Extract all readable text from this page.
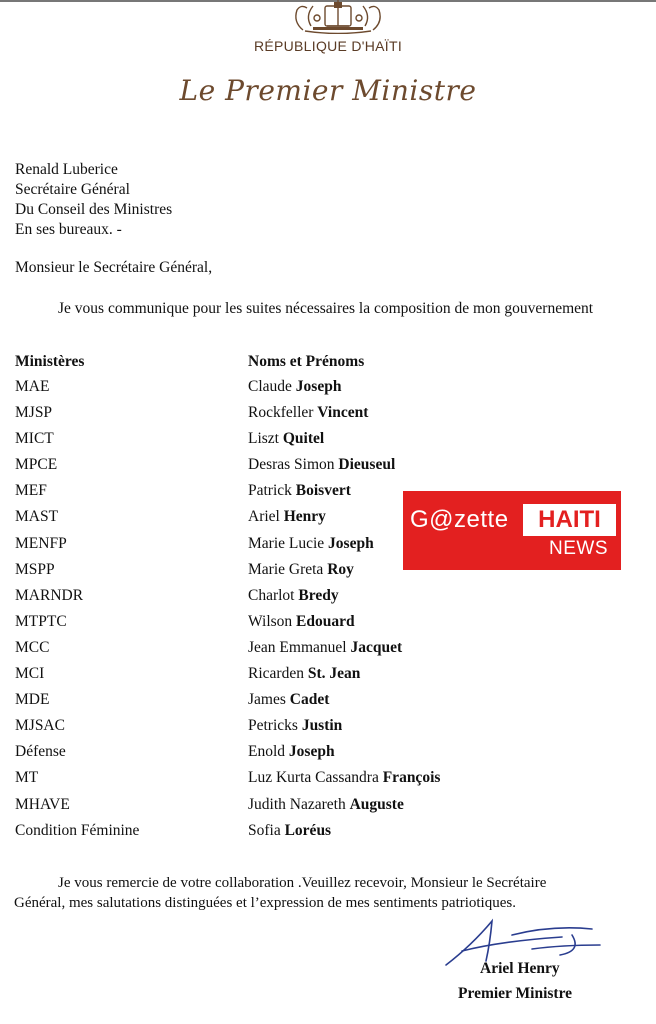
RÉPUBLIQUE D'HAÏTI
Le Premier Ministre
Renald Luberice
Secrétaire Général
Du Conseil des Ministres
En ses bureaux. -
Monsieur le Secrétaire Général,
Je vous communique pour les suites nécessaires la composition de mon gouvernement
Ministères	Noms et Prénoms
MAE	Claude Joseph
MJSP	Rockfeller Vincent
MICT	Liszt Quitel
MPCE	Desras Simon Dieuseul
MEF	Patrick Boisvert
MAST	Ariel Henry
MENFP	Marie Lucie Joseph
MSPP	Marie Greta Roy
MARNDR	Charlot Bredy
MTPTC	Wilson Edouard
MCC	Jean Emmanuel Jacquet
MCI	Ricarden St. Jean
MDE	James Cadet
MJSAC	Petricks Justin
Défense	Enold Joseph
MT	Luz Kurta Cassandra François
MHAVE	Judith Nazareth Auguste
Condition Féminine	Sofia Loréus
G@zette	HAITI
NEWS

Je vous remercie de votre collaboration .Veuillez recevoir, Monsieur le Secrétaire

Général, mes salutations distinguées et l’expression de mes sentiments patriotiques.

Ariel Henry
Premier Ministre
